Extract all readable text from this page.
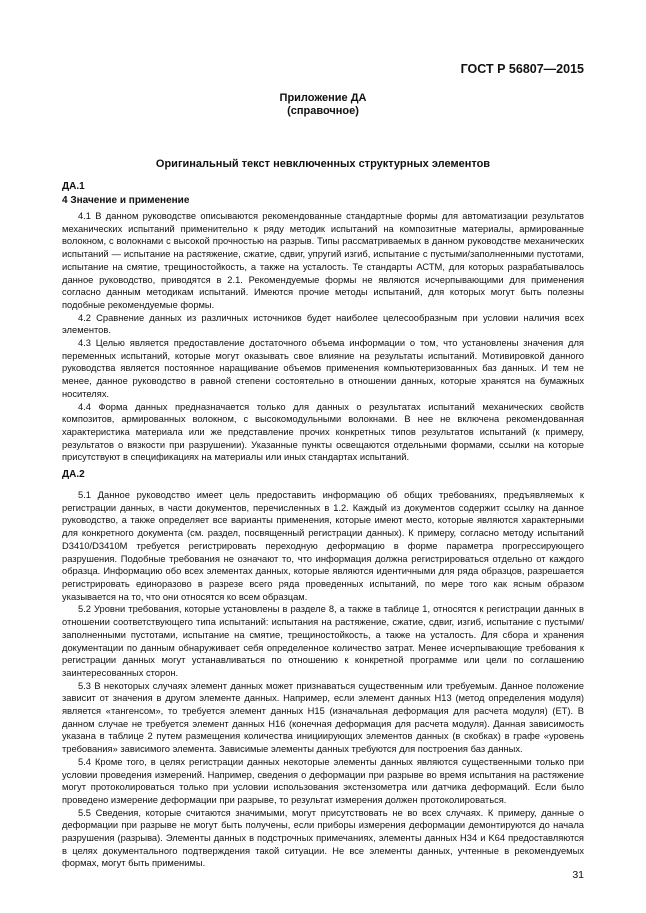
ГОСТ Р 56807—2015
Приложение ДА
(справочное)
Оригинальный текст невключенных структурных элементов
ДА.1
4 Значение и применение

4.1 В данном руководстве описываются рекомендованные стандартные формы для автоматизации результатов механических испытаний применительно к ряду методик испытаний на композитные материалы, армированные волокном, с волокнами с высокой прочностью на разрыв. Типы рассматриваемых в данном руководстве механических испытаний — испытание на растяжение, сжатие, сдвиг, упругий изгиб, испытание с пустыми/заполненными пустотами, испытание на смятие, трещиностойкость, а также на усталость. Те стандарты АСТМ, для которых разрабатывалось данное руководство, приводятся в 2.1. Рекомендуемые формы не являются исчерпывающими для применения согласно данным методикам испытаний. Имеются прочие методы испытаний, для которых могут быть полезны подобные рекомендуемые формы.

4.2 Сравнение данных из различных источников будет наиболее целесообразным при условии наличия всех элементов.

4.3 Целью является предоставление достаточного объема информации о том, что установлены значения для переменных испытаний, которые могут оказывать свое влияние на результаты испытаний. Мотивировкой данного руководства является постоянное наращивание объемов применения компьютеризованных баз данных. И тем не менее, данное руководство в равной степени состоятельно в отношении данных, которые хранятся на бумажных носителях.

4.4 Форма данных предназначается только для данных о результатах испытаний механических свойств композитов, армированных волокном, с высокомодульными волокнами. В нее не включена рекомендованная характеристика материала или же представление прочих конкретных типов результатов испытаний (к примеру, результатов о вязкости при разрушении). Указанные пункты освещаются отдельными формами, ссылки на которые присутствуют в спецификациях на материалы или иных стандартах испытаний.

ДА.2

5.1 Данное руководство имеет цель предоставить информацию об общих требованиях, предъявляемых к регистрации данных, в части документов, перечисленных в 1.2. Каждый из документов содержит ссылку на данное руководство, а также определяет все варианты применения, которые имеют место, которые являются характерными для конкретного документа (см. раздел, посвященный регистрации данных). К примеру, согласно методу испытаний D3410/D3410M требуется регистрировать переходную деформацию в форме параметра прогрессирующего разрушения. Подобные требования не означают то, что информация должна регистрироваться отдельно от каждого образца. Информацию обо всех элементах данных, которые являются идентичными для ряда образцов, разрешается регистрировать единоразово в разрезе всего ряда проведенных испытаний, по мере того как ясным образом указывается на то, что они относятся ко всем образцам.

5.2 Уровни требования, которые установлены в разделе 8, а также в таблице 1, относятся к регистрации данных в отношении соответствующего типа испытаний: испытания на растяжение, сжатие, сдвиг, изгиб, испытание с пустыми/заполненными пустотами, испытание на смятие, трещиностойкость, а также на усталость. Для сбора и хранения документации по данным обнаруживает себя определенное количество затрат. Менее исчерпывающие требования к регистрации данных могут устанавливаться по отношению к конкретной программе или цели по соглашению заинтересованных сторон.

5.3 В некоторых случаях элемент данных может признаваться существенным или требуемым. Данное положение зависит от значения в другом элементе данных. Например, если элемент данных H13 (метод определения модуля) является «тангенсом», то требуется элемент данных H15 (изначальная деформация для расчета модуля) (ET). В данном случае не требуется элемент данных H16 (конечная деформация для расчета модуля). Данная зависимость указана в таблице 2 путем размещения количества инициирующих элементов данных (в скобках) в графе «уровень требования» зависимого элемента. Зависимые элементы данных требуются для построения баз данных.

5.4 Кроме того, в целях регистрации данных некоторые элементы данных являются существенными только при условии проведения измерений. Например, сведения о деформации при разрыве во время испытания на растяжение могут протоколироваться только при условии использования экстензометра или датчика деформаций. Если было проведено измерение деформации при разрыве, то результат измерения должен протоколироваться.

5.5 Сведения, которые считаются значимыми, могут присутствовать не во всех случаях. К примеру, данные о деформации при разрыве не могут быть получены, если приборы измерения деформации демонтируются до начала разрушения (разрыва). Элементы данных в подстрочных примечаниях, элементы данных H34 и K64 предоставляются в целях документального подтверждения такой ситуации. Не все элементы данных, учтенные в рекомендуемых формах, могут быть применимы.

31
